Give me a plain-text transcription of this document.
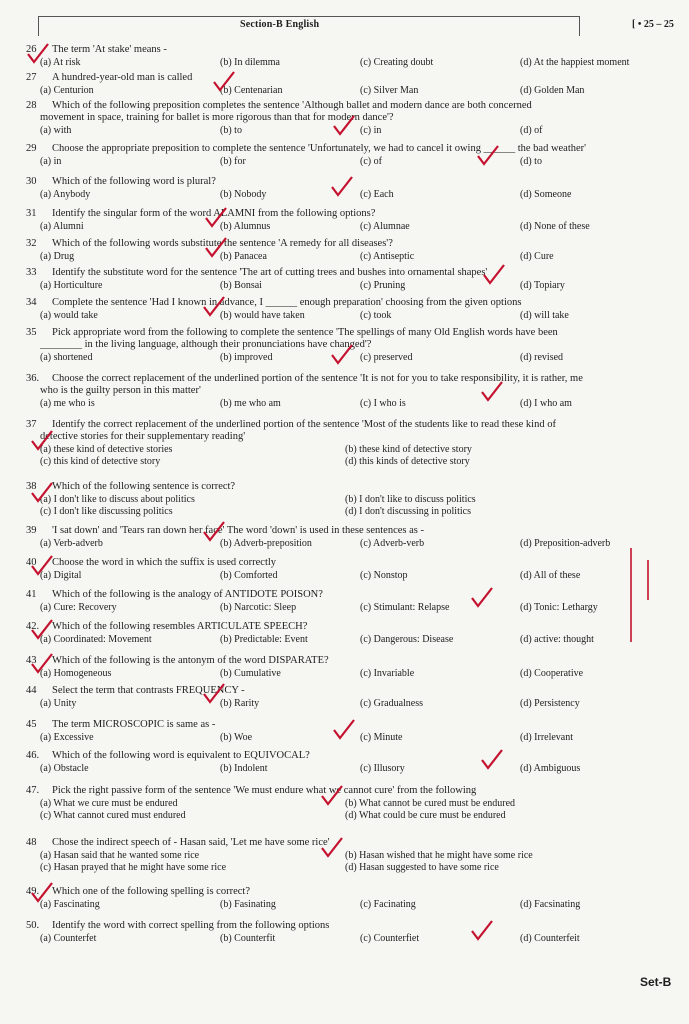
Section-B English	[ • 25 – 25
26 The term 'At stake' means -
(a) At risk	(b) In dilemma	(c) Creating doubt	(d) At the happiest moment
27 A hundred-year-old man is called
(a) Centurion	(b) Centenarian	(c) Silver Man	(d) Golden Man
28 Which of the following preposition completes the sentence 'Although ballet and modern dance are both concerned
movement in space, training for ballet is more rigorous than that for modern dance'?
(a) with	(b) to	(c) in	(d) of
29 Choose the appropriate preposition to complete the sentence 'Unfortunately, we had to cancel it owing ______ the bad weather'
(a) in	(b) for	(c) of	(d) to
30 Which of the following word is plural?
(a) Anybody	(b) Nobody	(c) Each	(d) Someone
31 Identify the singular form of the word ALAMNI from the following options?
(a) Alumni	(b) Alumnus	(c) Alumnae	(d) None of these
32 Which of the following words substitute the sentence 'A remedy for all diseases'?
(a) Drug	(b) Panacea	(c) Antiseptic	(d) Cure
33 Identify the substitute word for the sentence 'The art of cutting trees and bushes into ornamental shapes'
(a) Horticulture	(b) Bonsai	(c) Pruning	(d) Topiary
34 Complete the sentence 'Had I known in advance, I ______ enough preparation' choosing from the given options
(a) would take	(b) would have taken	(c) took	(d) will take
35 Pick appropriate word from the following to complete the sentence 'The spellings of many Old English words have been
________ in the living language, although their pronunciations have changed'?
(a) shortened	(b) improved	(c) preserved	(d) revised
36. Choose the correct replacement of the underlined portion of the sentence 'It is not for you to take responsibility, it is rather, me
who is the guilty person in this matter'
(a) me who is	(b) me who am	(c) I who is	(d) I who am
37 Identify the correct replacement of the underlined portion of the sentence 'Most of the students like to read these kind of
detective stories for their supplementary reading'
(a) these kind of detective stories	(b) these kind of detective story
(c) this kind of detective story	(d) this kinds of detective story
38 Which of the following sentence is correct?
(a) I don't like to discuss about politics	(b) I don't like to discuss politics
(c) I don't like discussing politics	(d) I don't discussing in politics
39 'I sat down' and 'Tears ran down her face' The word 'down' is used in these sentences as -
(a) Verb-adverb	(b) Adverb-preposition	(c) Adverb-verb	(d) Preposition-adverb
40 Choose the word in which the suffix is used correctly
(a) Digital	(b) Comforted	(c) Nonstop	(d) All of these
41 Which of the following is the analogy of ANTIDOTE POISON?
(a) Cure: Recovery	(b) Narcotic: Sleep	(c) Stimulant: Relapse	(d) Tonic: Lethargy
42. Which of the following resembles ARTICULATE SPEECH?
(a) Coordinated: Movement	(b) Predictable: Event	(c) Dangerous: Disease	(d) active: thought
43 Which of the following is the antonym of the word DISPARATE?
(a) Homogeneous	(b) Cumulative	(c) Invariable	(d) Cooperative
44 Select the term that contrasts FREQUENCY -
(a) Unity	(b) Rarity	(c) Gradualness	(d) Persistency
45 The term MICROSCOPIC is same as -
(a) Excessive	(b) Woe	(c) Minute	(d) Irrelevant
46. Which of the following word is equivalent to EQUIVOCAL?
(a) Obstacle	(b) Indolent	(c) Illusory	(d) Ambiguous
47. Pick the right passive form of the sentence 'We must endure what we cannot cure' from the following
(a) What we cure must be endured	(b) What cannot be cured must be endured
(c) What cannot cured must endured	(d) What could be cure must be endured
48 Chose the indirect speech of - Hasan said, 'Let me have some rice'
(a) Hasan said that he wanted some rice	(b) Hasan wished that he might have some rice
(c) Hasan prayed that he might have some rice	(d) Hasan suggested to have some rice
49. Which one of the following spelling is correct?
(a) Fascinating	(b) Fasinating	(c) Facinating	(d) Facsinating
50. Identify the word with correct spelling from the following options
(a) Counterfet	(b) Counterfit	(c) Counterfiet	(d) Counterfeit
Set-B
